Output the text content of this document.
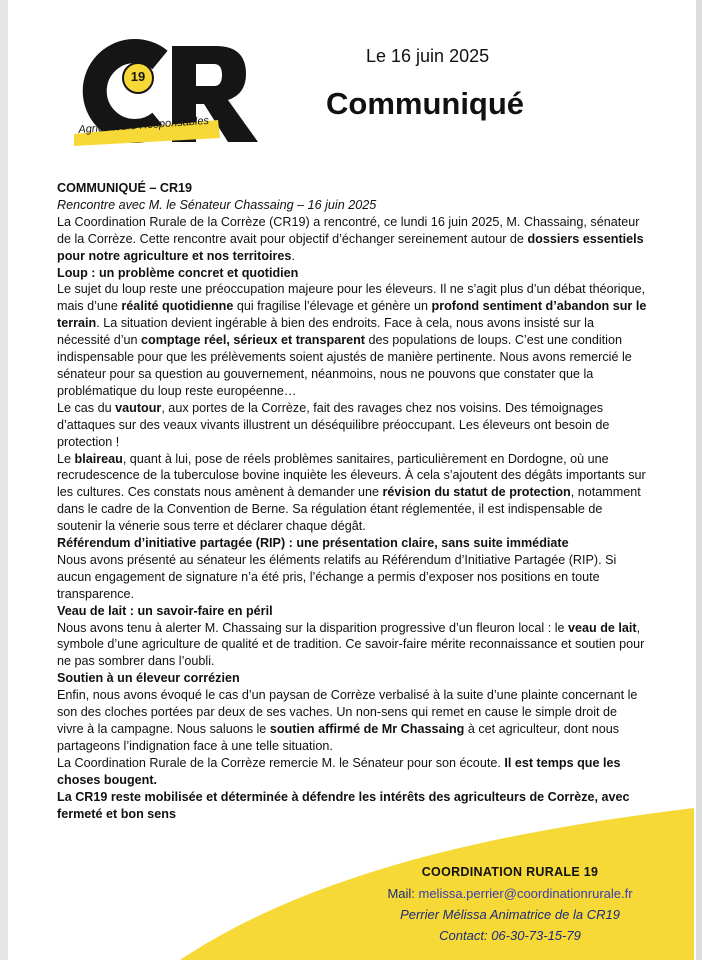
19
Agriculteurs Responsables
Le 16 juin 2025
Communiqué

COMMUNIQUÉ – CR19

Rencontre avec M. le Sénateur Chassaing – 16 juin 2025

La Coordination Rurale de la Corrèze (CR19) a rencontré, ce lundi 16 juin 2025, M. Chassaing, sénateur de la Corrèze. Cette rencontre avait pour objectif d’échanger sereinement autour de dossiers essentiels pour notre agriculture et nos territoires.

Loup : un problème concret et quotidien

Le sujet du loup reste une préoccupation majeure pour les éleveurs. Il ne s’agit plus d’un débat théorique, mais d’une réalité quotidienne qui fragilise l’élevage et génère un profond sentiment d’abandon sur le terrain. La situation devient ingérable à bien des endroits. Face à cela, nous avons insisté sur la nécessité d’un comptage réel, sérieux et transparent des populations de loups. C’est une condition indispensable pour que les prélèvements soient ajustés de manière pertinente. Nous avons remercié le sénateur pour sa question au gouvernement, néanmoins, nous ne pouvons que constater que la problématique du loup reste européenne…

Le cas du vautour, aux portes de la Corrèze, fait des ravages chez nos voisins. Des témoignages d’attaques sur des veaux vivants illustrent un déséquilibre préoccupant. Les éleveurs ont besoin de protection !

Le blaireau, quant à lui, pose de réels problèmes sanitaires, particulièrement en Dordogne, où une recrudescence de la tuberculose bovine inquiète les éleveurs. À cela s’ajoutent des dégâts importants sur les cultures. Ces constats nous amènent à demander une révision du statut de protection, notamment dans le cadre de la Convention de Berne. Sa régulation étant réglementée, il est indispensable de soutenir la vénerie sous terre et déclarer chaque dégât.

Référendum d’initiative partagée (RIP) : une présentation claire, sans suite immédiate

Nous avons présenté au sénateur les éléments relatifs au Référendum d’Initiative Partagée (RIP). Si aucun engagement de signature n’a été pris, l’échange a permis d’exposer nos positions en toute transparence.

Veau de lait : un savoir-faire en péril

Nous avons tenu à alerter M. Chassaing sur la disparition progressive d’un fleuron local : le veau de lait, symbole d’une agriculture de qualité et de tradition. Ce savoir-faire mérite reconnaissance et soutien pour ne pas sombrer dans l’oubli.

Soutien à un éleveur corrézien

Enfin, nous avons évoqué le cas d’un paysan de Corrèze verbalisé à la suite d’une plainte concernant le son des cloches portées par deux de ses vaches. Un non-sens qui remet en cause le simple droit de vivre à la campagne. Nous saluons le soutien affirmé de Mr Chassaing à cet agriculteur, dont nous partageons l’indignation face à une telle situation.

La Coordination Rurale de la Corrèze remercie M. le Sénateur pour son écoute. Il est temps que les choses bougent.

La CR19 reste mobilisée et déterminée à défendre les intérêts des agriculteurs de Corrèze, avec fermeté et bon sens

COORDINATION RURALE 19
Mail: melissa.perrier@coordinationrurale.fr
Perrier Mélissa Animatrice de la CR19
Contact: 06-30-73-15-79
